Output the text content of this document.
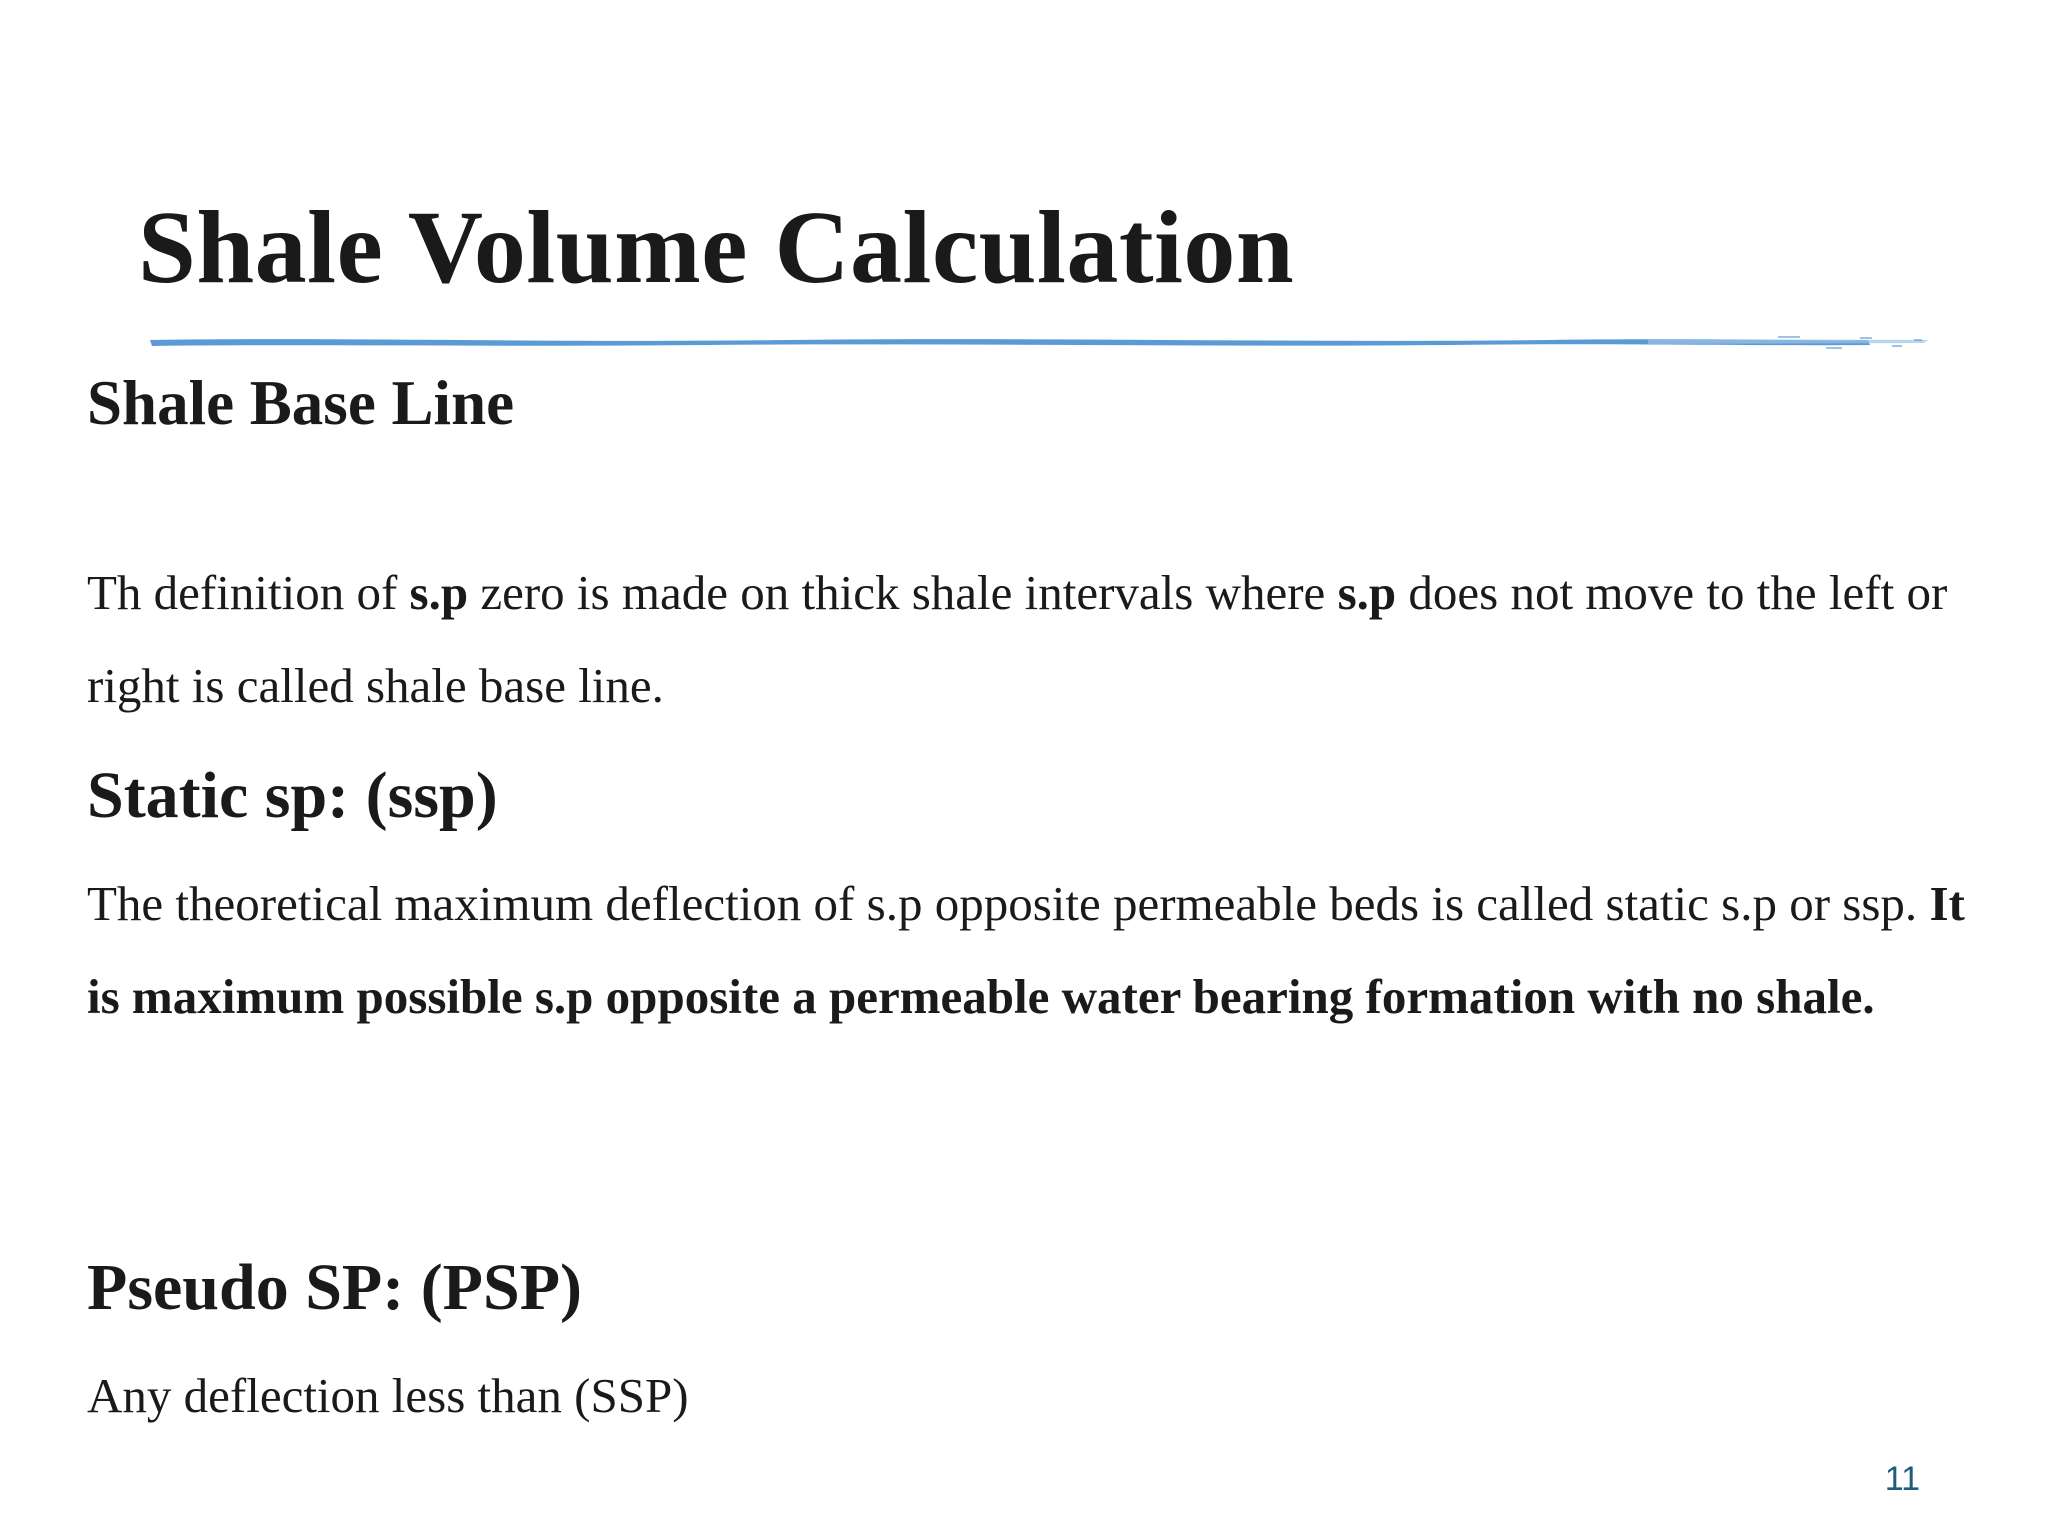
Shale Volume Calculation
Shale Base Line

Th definition of s.p zero is made on thick shale intervals where s.p does not move to the left or right is called shale base line.

Static sp: (ssp)

The theoretical maximum deflection of s.p opposite permeable beds is called static s.p or ssp. It is maximum possible s.p opposite a permeable water bearing formation with no shale.

Pseudo SP: (PSP)

Any deflection less than (SSP)

11
